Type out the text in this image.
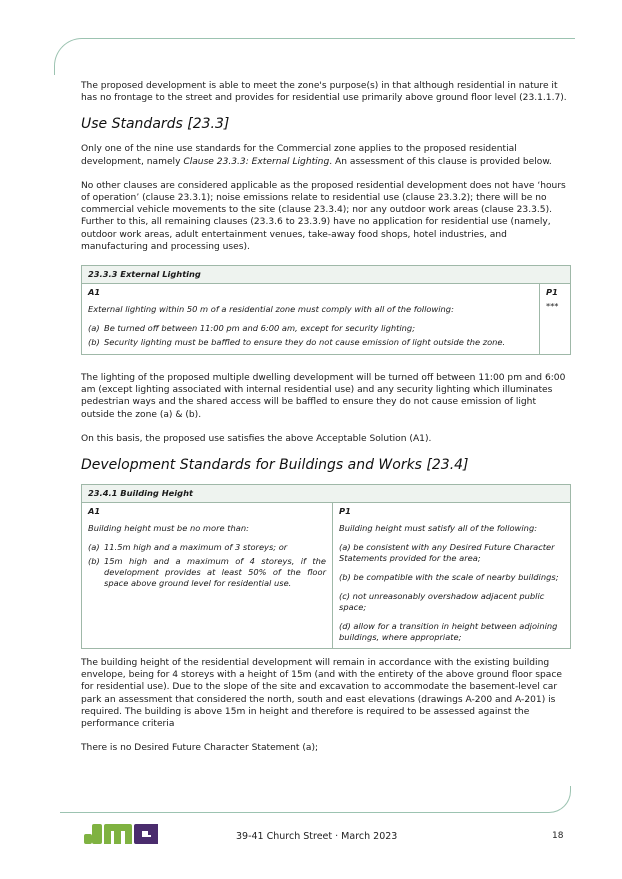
The proposed development is able to meet the zone's purpose(s) in that although residential in nature it has no frontage to the street and provides for residential use primarily above ground floor level (23.1.1.7).

Use Standards [23.3]

Only one of the nine use standards for the Commercial zone applies to the proposed residential development, namely Clause 23.3.3: External Lighting. An assessment of this clause is provided below.

No other clauses are considered applicable as the proposed residential development does not have ‘hours of operation’ (clause 23.3.1); noise emissions relate to residential use (clause 23.3.2); there will be no commercial vehicle movements to the site (clause 23.3.4); nor any outdoor work areas (clause 23.3.5). Further to this, all remaining clauses (23.3.6 to 23.3.9) have no application for residential use (namely, outdoor work areas, adult entertainment venues, take-away food shops, hotel industries, and manufacturing and processing uses).

23.3.3 External Lighting

A1
External lighting within 50 m of a residential zone must comply with all of the following:
(a) Be turned off between 11:00 pm and 6:00 am, except for security lighting;
(b) Security lighting must be baffled to ensure they do not cause emission of light outside the zone.

P1
***

The lighting of the proposed multiple dwelling development will be turned off between 11:00 pm and 6:00 am (except lighting associated with internal residential use) and any security lighting which illuminates pedestrian ways and the shared access will be baffled to ensure they do not cause emission of light outside the zone (a) & (b).

On this basis, the proposed use satisfies the above Acceptable Solution (A1).

Development Standards for Buildings and Works [23.4]
23.4.1 Building Height

A1
Building height must be no more than:
(a) 11.5m high and a maximum of 3 storeys; or
(b) 15m high and a maximum of 4 storeys, if the development provides at least 50% of the floor space above ground level for residential use.

P1
Building height must satisfy all of the following:
(a) be consistent with any Desired Future Character Statements provided for the area;
(b) be compatible with the scale of nearby buildings;
(c) not unreasonably overshadow adjacent public space;
(d) allow for a transition in height between adjoining buildings, where appropriate;

The building height of the residential development will remain in accordance with the existing building envelope, being for 4 storeys with a height of 15m (and with the entirety of the above ground floor space for residential use). Due to the slope of the site and excavation to accommodate the basement-level car park an assessment that considered the north, south and east elevations (drawings A-200 and A-201) is required. The building is above 15m in height and therefore is required to be assessed against the performance criteria

There is no Desired Future Character Statement (a);

39-41 Church Street · March 2023	18
